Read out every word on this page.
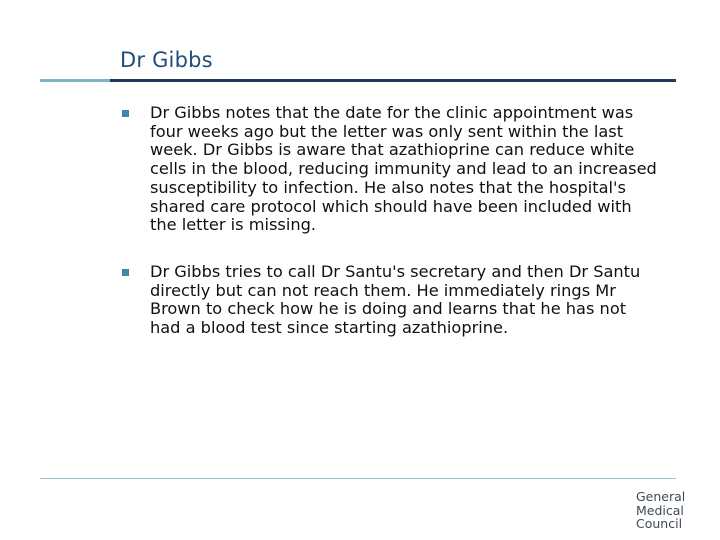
Dr Gibbs
Dr Gibbs notes that the date for the clinic appointment was four weeks ago but the letter was only sent within the last week. Dr Gibbs is aware that azathioprine can reduce white cells in the blood, reducing immunity and lead to an increased susceptibility to infection. He also notes that the hospital's shared care protocol which should have been included with the letter is missing.
Dr Gibbs tries to call Dr Santu's secretary and then Dr Santu directly but can not reach them. He immediately rings Mr Brown to check how he is doing and learns that he has not had a blood test since starting azathioprine.
General
Medical
Council
